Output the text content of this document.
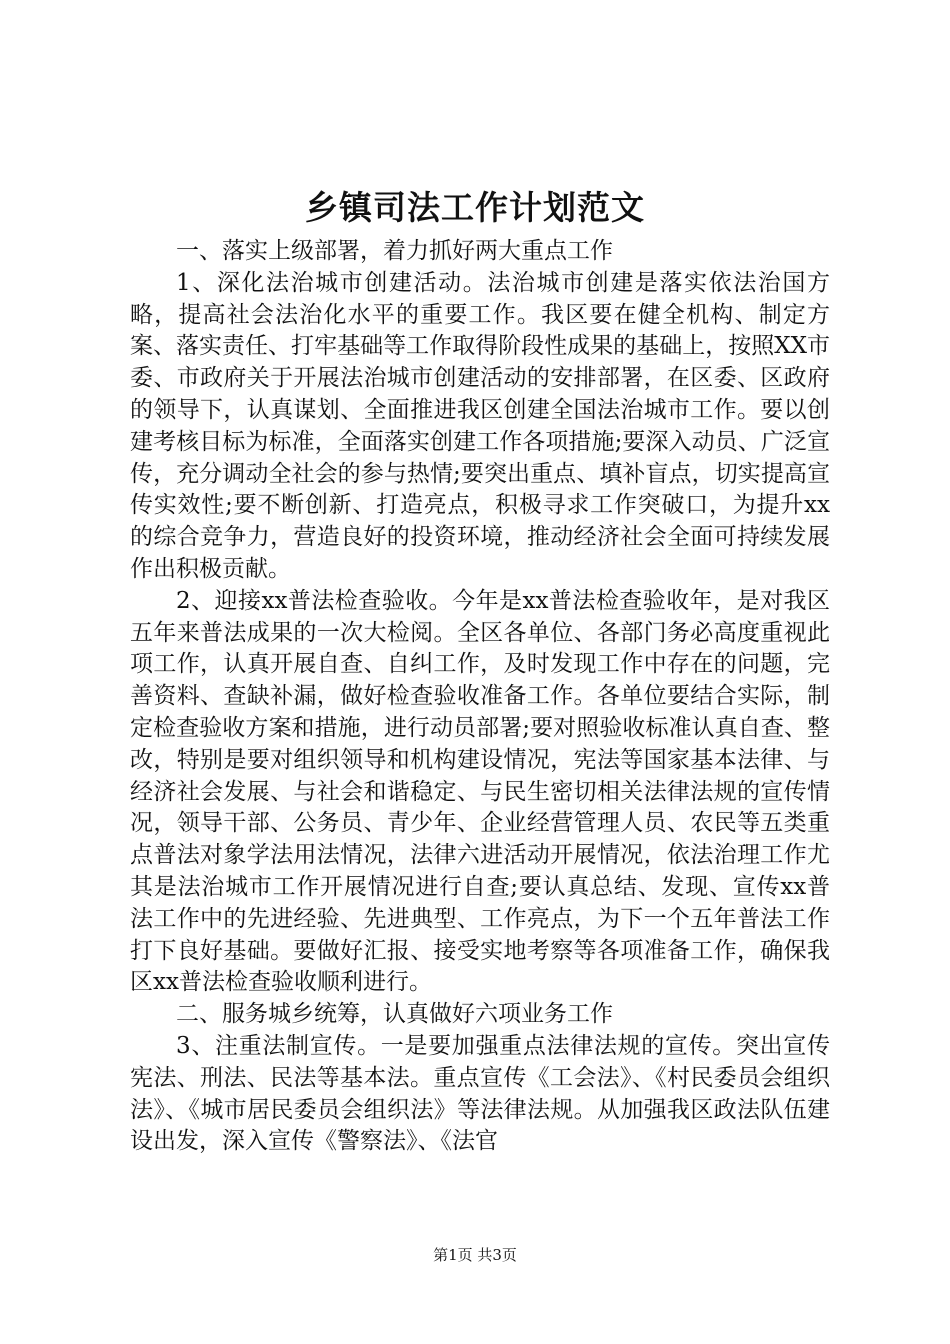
乡镇司法工作计划范文

一、落实上级部署，着力抓好两大重点工作

1、深化法治城市创建活动。法治城市创建是落实依法治国方略，提高社会法治化水平的重要工作。我区要在健全机构、制定方案、落实责任、打牢基础等工作取得阶段性成果的基础上，按照XX市委、市政府关于开展法治城市创建活动的安排部署，在区委、区政府的领导下，认真谋划、全面推进我区创建全国法治城市工作。要以创建考核目标为标准，全面落实创建工作各项措施;要深入动员、广泛宣传，充分调动全社会的参与热情;要突出重点、填补盲点，切实提高宣传实效性;要不断创新、打造亮点，积极寻求工作突破口，为提升xx的综合竞争力，营造良好的投资环境，推动经济社会全面可持续发展作出积极贡献。

2、迎接xx普法检查验收。今年是xx普法检查验收年，是对我区五年来普法成果的一次大检阅。全区各单位、各部门务必高度重视此项工作，认真开展自查、自纠工作，及时发现工作中存在的问题，完善资料、查缺补漏，做好检查验收准备工作。各单位要结合实际，制定检查验收方案和措施，进行动员部署;要对照验收标准认真自查、整改，特别是要对组织领导和机构建设情况，宪法等国家基本法律、与经济社会发展、与社会和谐稳定、与民生密切相关法律法规的宣传情况，领导干部、公务员、青少年、企业经营管理人员、农民等五类重点普法对象学法用法情况，法律六进活动开展情况，依法治理工作尤其是法治城市工作开展情况进行自查;要认真总结、发现、宣传xx普法工作中的先进经验、先进典型、工作亮点，为下一个五年普法工作打下良好基础。要做好汇报、接受实地考察等各项准备工作，确保我区xx普法检查验收顺利进行。

二、服务城乡统筹，认真做好六项业务工作

3、注重法制宣传。一是要加强重点法律法规的宣传。突出宣传宪法、刑法、民法等基本法。重点宣传《工会法》、《村民委员会组织法》、《城市居民委员会组织法》等法律法规。从加强我区政法队伍建设出发，深入宣传《警察法》、《法官

第1页 共3页
